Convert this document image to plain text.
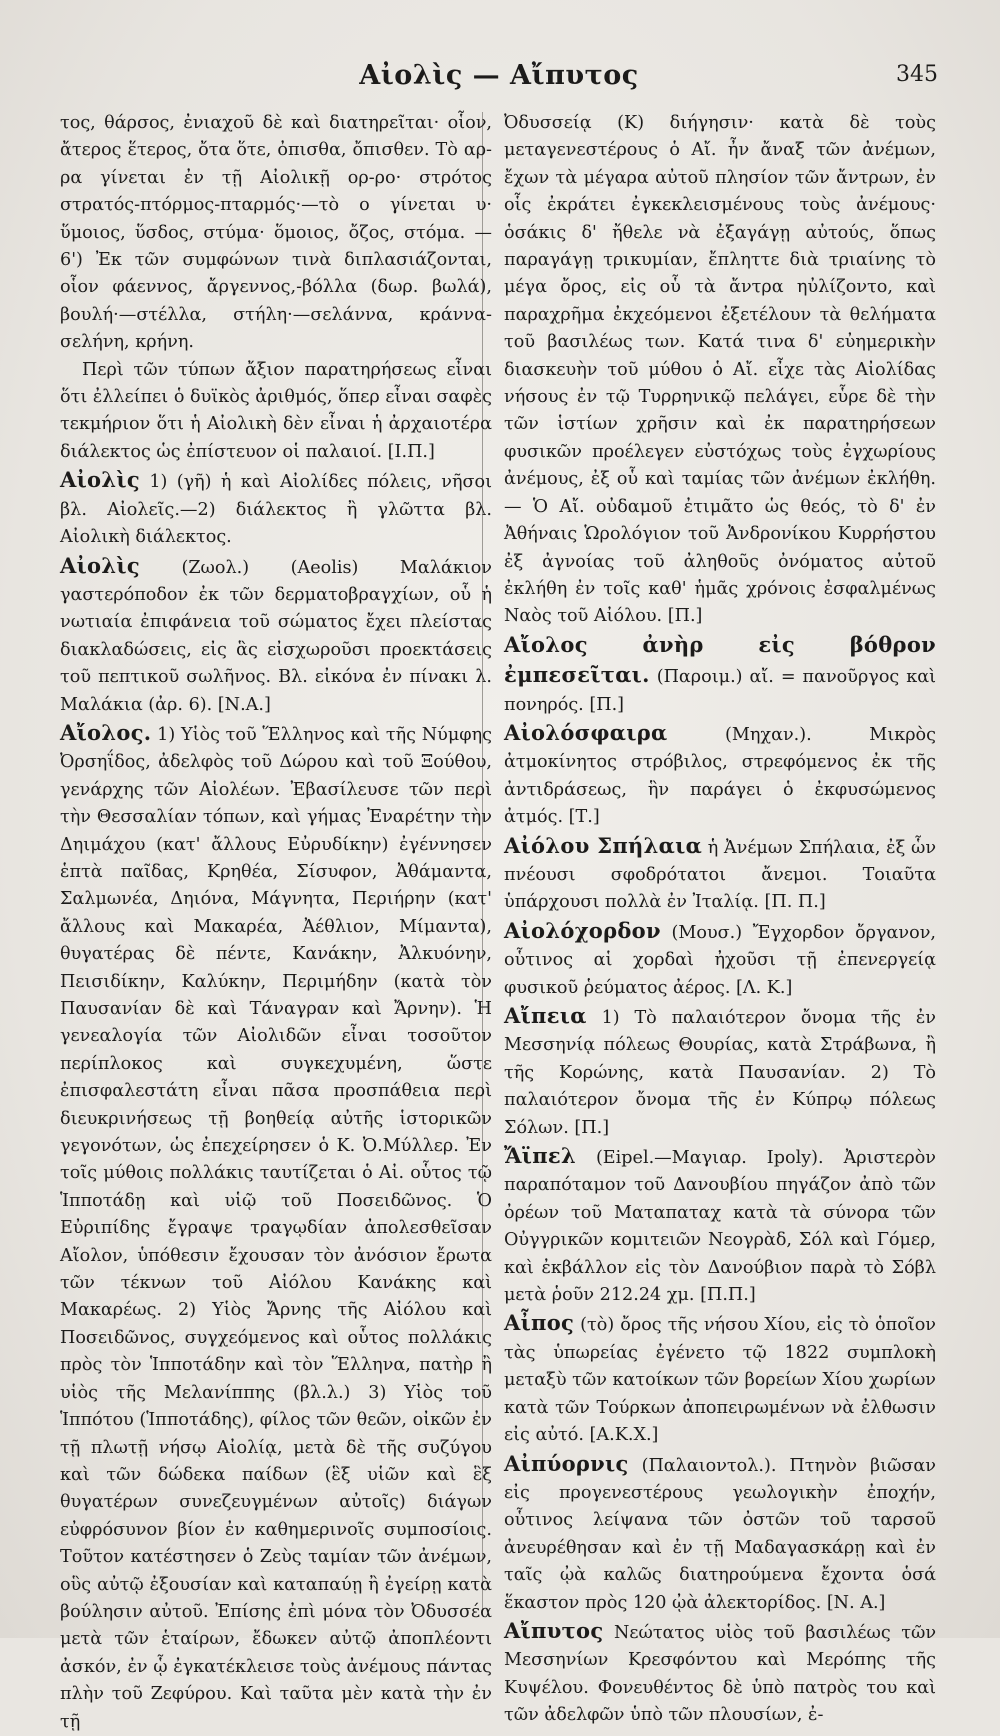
Αἰολὶς — Αἴπυτος	345

τος, θάρσος, ἐνιαχοῦ δὲ καὶ διατηρεῖται· οἷον, ἄτερος ἕτερος, ὄτα ὅτε, ὀπισθα, ὄπισθεν. Τὸ αρ-ρα γίνεται ἐν τῇ Αἰολικῇ ορ-ρο· στρότος στρατός-πτόρμος-πταρμός·—τὸ ο γίνεται υ· ὕμοιος, ὕσδος, στύμα· ὅμοιος, ὄζος, στόμα. — 6') Ἐκ τῶν συμφώνων τινὰ διπλασιάζονται, οἷον φάεννος, ἄργεννος,-βόλλα (δωρ. βωλά), βουλή·—στέλλα, στήλη·—σελάννα, κράννα-σελήνη, κρήνη.

Περὶ τῶν τύπων ἄξιον παρατηρήσεως εἶναι ὅτι ἐλλείπει ὁ δυϊκὸς ἀριθμός, ὅπερ εἶναι σαφὲς τεκμήριον ὅτι ἡ Αἰολικὴ δὲν εἶναι ἡ ἀρχαιοτέρα διάλεκτος ὡς ἐπίστευον οἱ παλαιοί. [Ι.Π.]

Αἰολὶς 1) (γῆ) ἡ καὶ Αἰολίδες πόλεις, νῆσοι βλ. Αἰολεῖς.—2) διάλεκτος ἢ γλῶττα βλ. Αἰολικὴ διάλεκτος.

Αἰολὶς (Ζωολ.) (Aeolis) Μαλάκιον γαστερόποδον ἐκ τῶν δερματοβραγχίων, οὗ ἡ νωτιαία ἐπιφάνεια τοῦ σώματος ἔχει πλείστας διακλαδώσεις, εἰς ἃς εἰσχωροῦσι προεκτάσεις τοῦ πεπτικοῦ σωλῆνος. Βλ. εἰκόνα ἐν πίνακι λ. Μαλάκια (ἀρ. 6). [Ν.Α.]

Αἴολος. 1) Υἱὸς τοῦ Ἕλληνος καὶ τῆς Νύμφης Ὀρσηΐδος, ἀδελφὸς τοῦ Δώρου καὶ τοῦ Ξούθου, γενάρχης τῶν Αἰολέων. Ἐβασίλευσε τῶν περὶ τὴν Θεσσαλίαν τόπων, καὶ γήμας Ἐναρέτην τὴν Δηιμάχου (κατ' ἄλλους Εὐρυδίκην) ἐγέννησεν ἑπτὰ παῖδας, Κρηθέα, Σίσυφον, Ἀθάμαντα, Σαλμωνέα, Δηιόνα, Μάγνητα, Περιήρην (κατ' ἄλλους καὶ Μακαρέα, Ἀέθλιον, Μίμαντα), θυγατέρας δὲ πέντε, Κανάκην, Ἀλκυόνην, Πεισιδίκην, Καλύκην, Περιμήδην (κατὰ τὸν Παυσανίαν δὲ καὶ Τάναγραν καὶ Ἄρνην). Ἡ γενεαλογία τῶν Αἰολιδῶν εἶναι τοσοῦτον περίπλοκος καὶ συγκεχυμένη, ὥστε ἐπισφαλεστάτη εἶναι πᾶσα προσπάθεια περὶ διευκρινήσεως τῇ βοηθείᾳ αὐτῆς ἱστορικῶν γεγονότων, ὡς ἐπεχείρησεν ὁ Κ. Ὀ.Μύλλερ. Ἐν τοῖς μύθοις πολλάκις ταυτίζεται ὁ Αἰ. οὗτος τῷ Ἱπποτάδῃ καὶ υἱῷ τοῦ Ποσειδῶνος. Ὁ Εὐριπίδης ἔγραψε τραγῳδίαν ἀπολεσθεῖσαν Αἴολον, ὑπόθεσιν ἔχουσαν τὸν ἀνόσιον ἔρωτα τῶν τέκνων τοῦ Αἰόλου Κανάκης καὶ Μακαρέως. 2) Υἱὸς Ἄρνης τῆς Αἰόλου καὶ Ποσειδῶνος, συγχεόμενος καὶ οὗτος πολλάκις πρὸς τὸν Ἱπποτάδην καὶ τὸν Ἕλληνα, πατὴρ ἢ υἱὸς τῆς Μελανίππης (βλ.λ.) 3) Υἱὸς τοῦ Ἱππότου (Ἱπποτάδης), φίλος τῶν θεῶν, οἰκῶν ἐν τῇ πλωτῇ νήσῳ Αἰολίᾳ, μετὰ δὲ τῆς συζύγου καὶ τῶν δώδεκα παίδων (ἓξ υἱῶν καὶ ἓξ θυγατέρων συνεζευγμένων αὐτοῖς) διάγων εὐφρόσυνον βίον ἐν καθημερινοῖς συμποσίοις. Τοῦτον κατέστησεν ὁ Ζεὺς ταμίαν τῶν ἀνέμων, οὓς αὐτῷ ἐξουσίαν καὶ καταπαύῃ ἢ ἐγείρῃ κατὰ βούλησιν αὐτοῦ. Ἐπίσης ἐπὶ μόνα τὸν Ὀδυσσέα μετὰ τῶν ἑταίρων, ἔδωκεν αὐτῷ ἀποπλέοντι ἀσκόν, ἐν ᾧ ἐγκατέκλεισε τοὺς ἀνέμους πάντας πλὴν τοῦ Ζεφύρου. Καὶ ταῦτα μὲν κατὰ τὴν ἐν τῇ

Ὀδυσσείᾳ (Κ) διήγησιν· κατὰ δὲ τοὺς μεταγενεστέρους ὁ Αἴ. ἦν ἄναξ τῶν ἀνέμων, ἔχων τὰ μέγαρα αὐτοῦ πλησίον τῶν ἄντρων, ἐν οἷς ἐκράτει ἐγκεκλεισμένους τοὺς ἀνέμους· ὁσάκις δ' ἤθελε νὰ ἐξαγάγῃ αὐτούς, ὅπως παραγάγῃ τρικυμίαν, ἔπληττε διὰ τριαίνης τὸ μέγα ὄρος, εἰς οὗ τὰ ἄντρα ηὐλίζοντο, καὶ παραχρῆμα ἐκχεόμενοι ἐξετέλουν τὰ θελήματα τοῦ βασιλέως των. Κατά τινα δ' εὐημερικὴν διασκευὴν τοῦ μύθου ὁ Αἴ. εἶχε τὰς Αἰολίδας νήσους ἐν τῷ Τυρρηνικῷ πελάγει, εὗρε δὲ τὴν τῶν ἱστίων χρῆσιν καὶ ἐκ παρατηρήσεων φυσικῶν προέλεγεν εὐστόχως τοὺς ἐγχωρίους ἀνέμους, ἐξ οὗ καὶ ταμίας τῶν ἀνέμων ἐκλήθη.— Ὁ Αἴ. οὐδαμοῦ ἐτιμᾶτο ὡς θεός, τὸ δ' ἐν Ἀθήναις Ὡρολόγιον τοῦ Ἀνδρονίκου Κυρρήστου ἐξ ἀγνοίας τοῦ ἀληθοῦς ὀνόματος αὐτοῦ ἐκλήθη ἐν τοῖς καθ' ἡμᾶς χρόνοις ἐσφαλμένως Ναὸς τοῦ Αἰόλου. [Π.]

Αἴολος ἀνὴρ εἰς βόθρον ἐμπεσεῖται. (Παροιμ.) αἴ. = πανοῦργος καὶ πονηρός. [Π.]

Αἰολόσφαιρα	(Μηχαν.). Μικρὸς ἀτμοκίνητος στρόβιλος, στρεφόμενος ἐκ τῆς ἀντιδράσεως, ἣν παράγει ὁ ἐκφυσώμενος ἀτμός. [Τ.]

Αἰόλου Σπήλαια ἡ Ἀνέμων Σπήλαια, ἐξ ὧν πνέουσι σφοδρότατοι ἄνεμοι. Τοιαῦτα ὑπάρχουσι πολλὰ ἐν Ἰταλίᾳ. [Π. Π.]

Αἰολόχορδον (Μουσ.) Ἔγχορδον ὄργανον, οὗτινος αἱ χορδαὶ ἠχοῦσι τῇ ἐπενεργείᾳ φυσικοῦ ῥεύματος ἀέρος. [Λ. Κ.]

Αἴπεια 1) Τὸ παλαιότερον ὄνομα τῆς ἐν Μεσσηνίᾳ πόλεως Θουρίας, κατὰ Στράβωνα, ἢ τῆς Κορώνης, κατὰ Παυσανίαν. 2) Τὸ παλαιότερον ὄνομα τῆς ἐν Κύπρῳ πόλεως Σόλων. [Π.]

Ἄϊπελ (Eipel.—Μαγιαρ. Ipoly). Ἀριστερὸν παραπόταμον τοῦ Δανουβίου πηγάζον ἀπὸ τῶν ὀρέων τοῦ Ματαπαταχ κατὰ τὰ σύνορα τῶν Οὐγγρικῶν κομιτειῶν Νεογρὰδ, Σόλ καὶ Γόμερ, καὶ ἐκβάλλον εἰς τὸν Δανούβιον παρὰ τὸ Σόβλ μετὰ ῥοῦν 212.24 χμ. [Π.Π.]

Αἶπος (τὸ) ὄρος τῆς νήσου Χίου, εἰς τὸ ὁποῖον τὰς ὑπωρείας ἐγένετο τῷ 1822 συμπλοκὴ μεταξὺ τῶν κατοίκων τῶν βορείων Χίου χωρίων κατὰ τῶν Τούρκων ἀποπειρωμένων νὰ ἐλθωσιν εἰς αὐτό. [Α.Κ.Χ.]

Αἰπύορνις (Παλαιοντολ.). Πτηνὸν βιῶσαν εἰς προγενεστέρους γεωλογικὴν ἐποχήν, οὗτινος λείψανα τῶν ὀστῶν τοῦ ταρσοῦ ἀνευρέθησαν καὶ ἐν τῇ Μαδαγασκάρῃ καὶ ἐν ταῖς ᾠὰ καλῶς διατηρούμενα ἔχοντα ὁσά ἕκαστον πρὸς 120 ᾠὰ ἀλεκτορίδος. [Ν. Α.]

Αἴπυτος Νεώτατος υἱὸς τοῦ βασιλέως τῶν Μεσσηνίων Κρεσφόντου καὶ Μερόπης τῆς Κυψέλου. Φονευθέντος δὲ ὑπὸ πατρὸς του καὶ τῶν ἀδελφῶν ὑπὸ τῶν πλουσίων, ἐ-
